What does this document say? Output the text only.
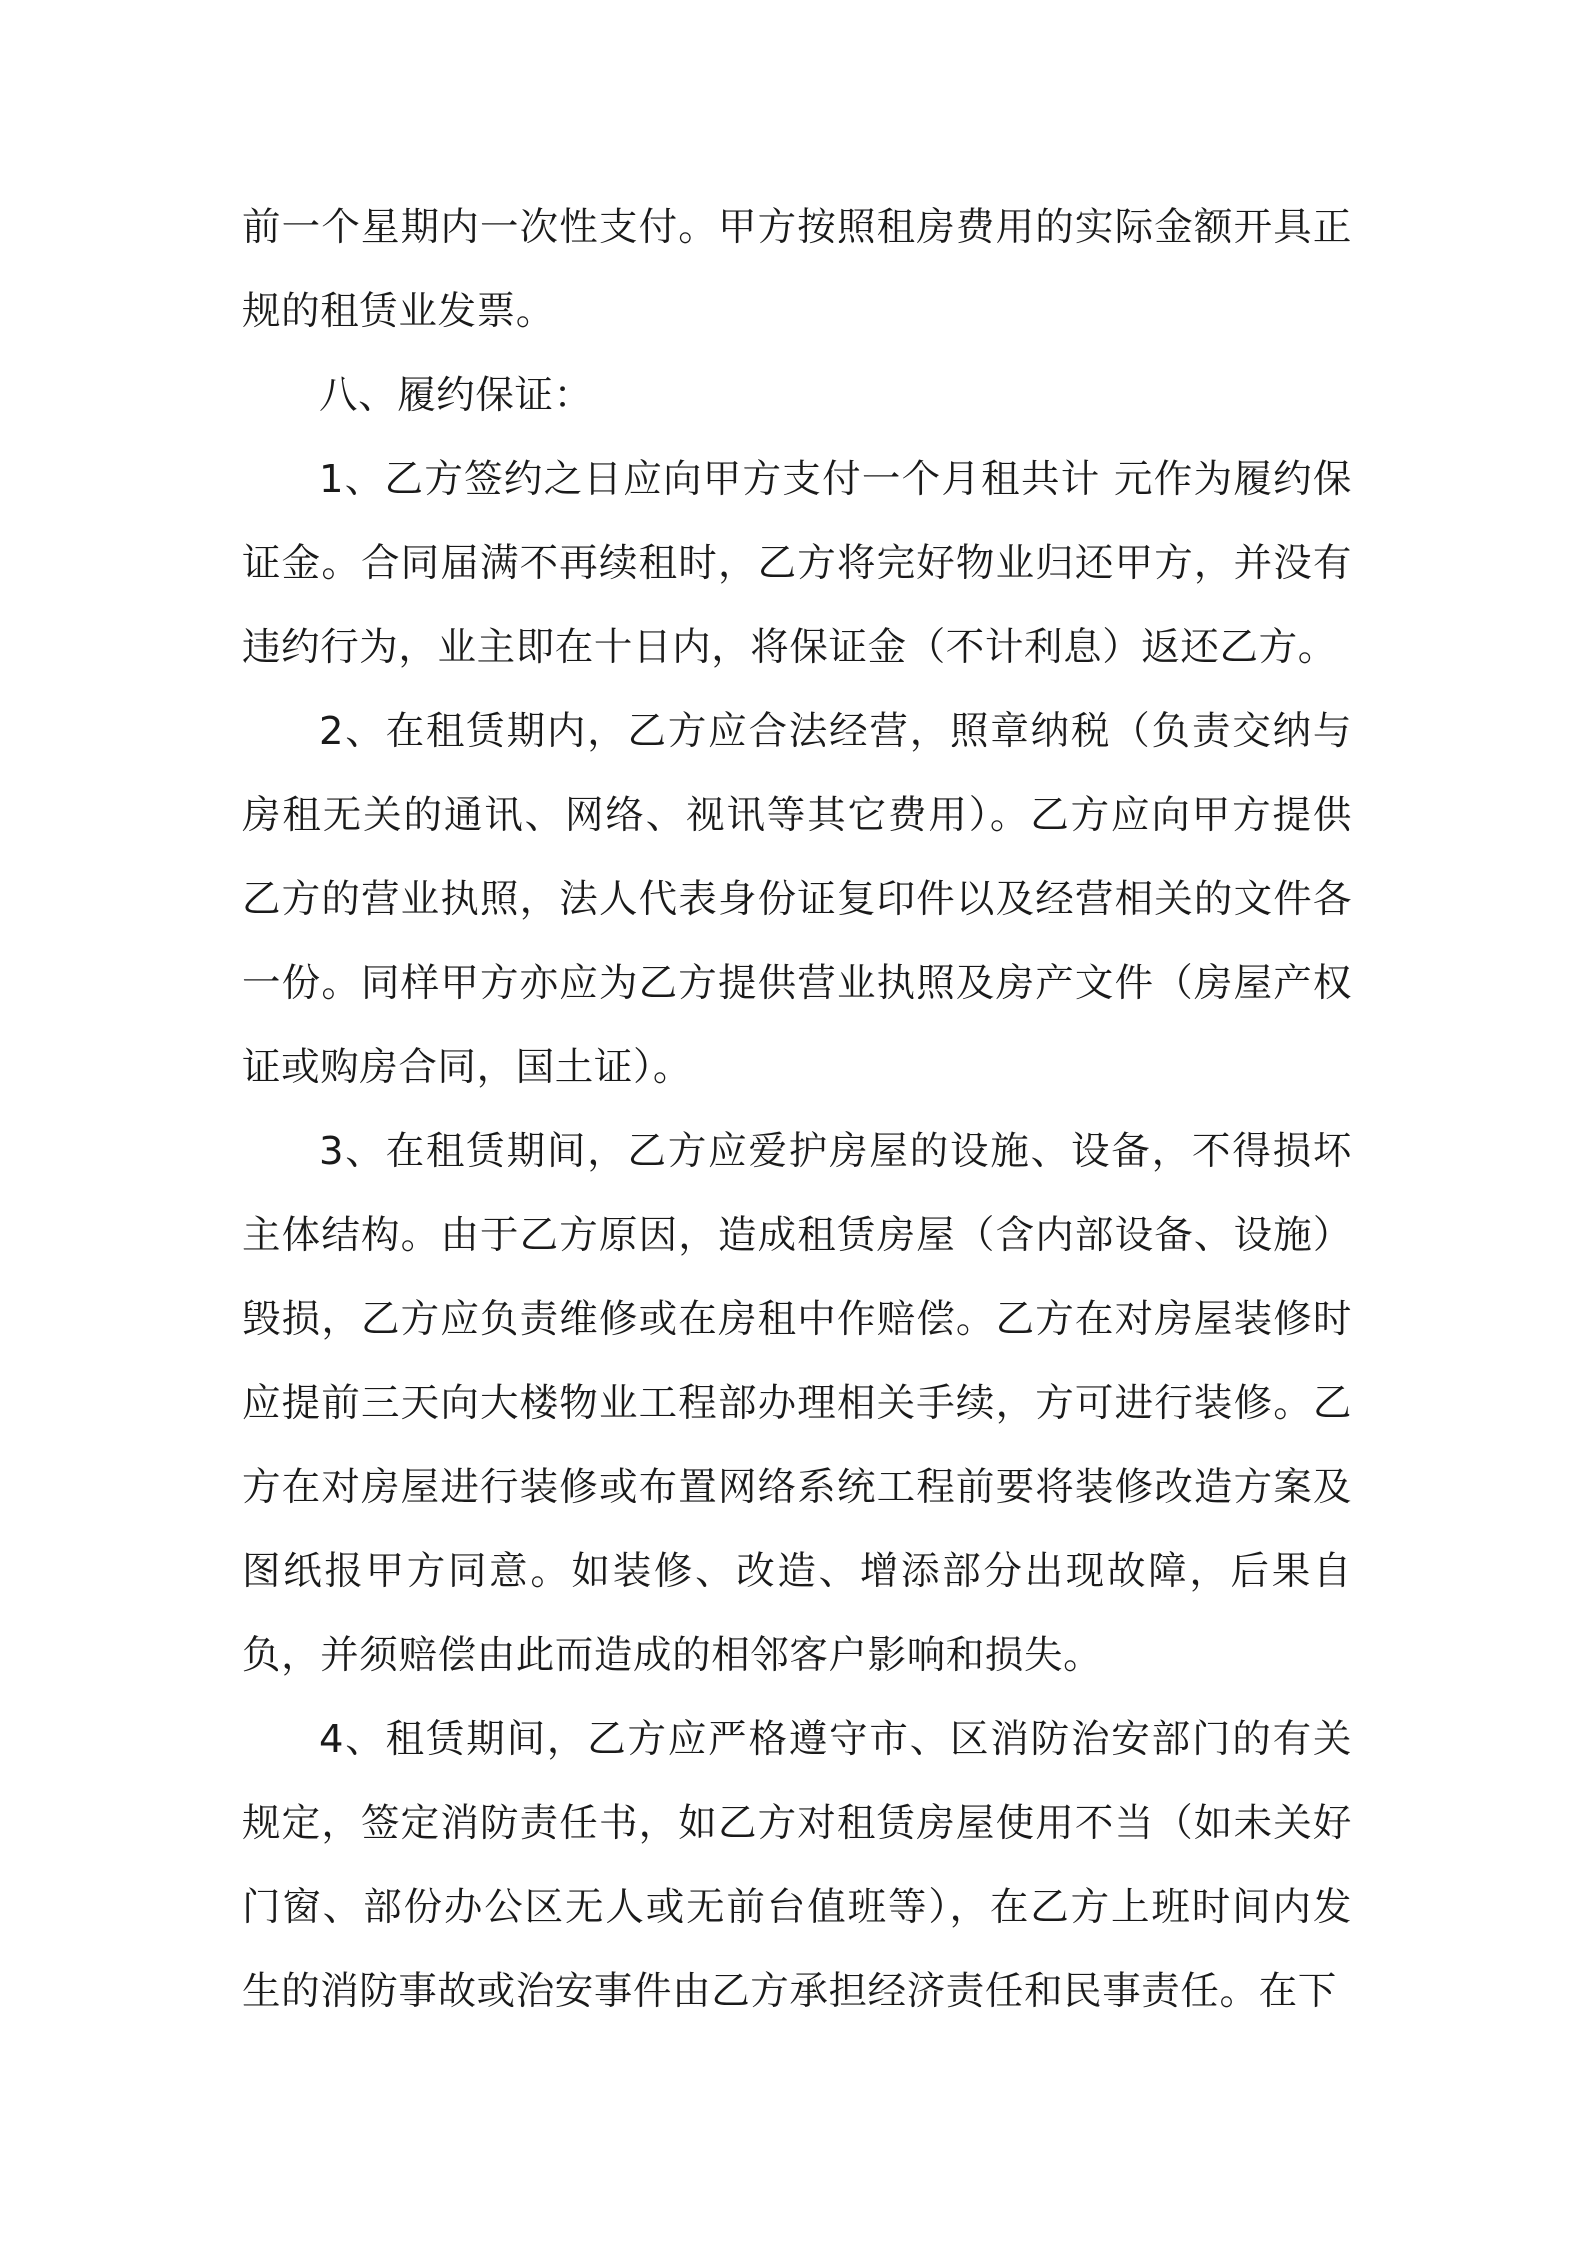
前一个星期内一次性支付。甲方按照租房费用的实际金额开具正规的租赁业发票。

八、履约保证：

1、乙方签约之日应向甲方支付一个月租共计 元作为履约保证金。合同届满不再续租时，乙方将完好物业归还甲方，并没有违约行为，业主即在十日内，将保证金（不计利息）返还乙方。

2、在租赁期内，乙方应合法经营，照章纳税（负责交纳与房租无关的通讯、网络、视讯等其它费用）。乙方应向甲方提供乙方的营业执照，法人代表身份证复印件以及经营相关的文件各一份。同样甲方亦应为乙方提供营业执照及房产文件（房屋产权证或购房合同，国土证）。

3、在租赁期间，乙方应爱护房屋的设施、设备，不得损坏主体结构。由于乙方原因，造成租赁房屋（含内部设备、设施）毁损，乙方应负责维修或在房租中作赔偿。乙方在对房屋装修时应提前三天向大楼物业工程部办理相关手续，方可进行装修。乙方在对房屋进行装修或布置网络系统工程前要将装修改造方案及图纸报甲方同意。如装修、改造、增添部分出现故障，后果自负，并须赔偿由此而造成的相邻客户影响和损失。

4、租赁期间，乙方应严格遵守市、区消防治安部门的有关规定，签定消防责任书，如乙方对租赁房屋使用不当（如未关好门窗、部份办公区无人或无前台值班等），在乙方上班时间内发生的消防事故或治安事件由乙方承担经济责任和民事责任。在下
